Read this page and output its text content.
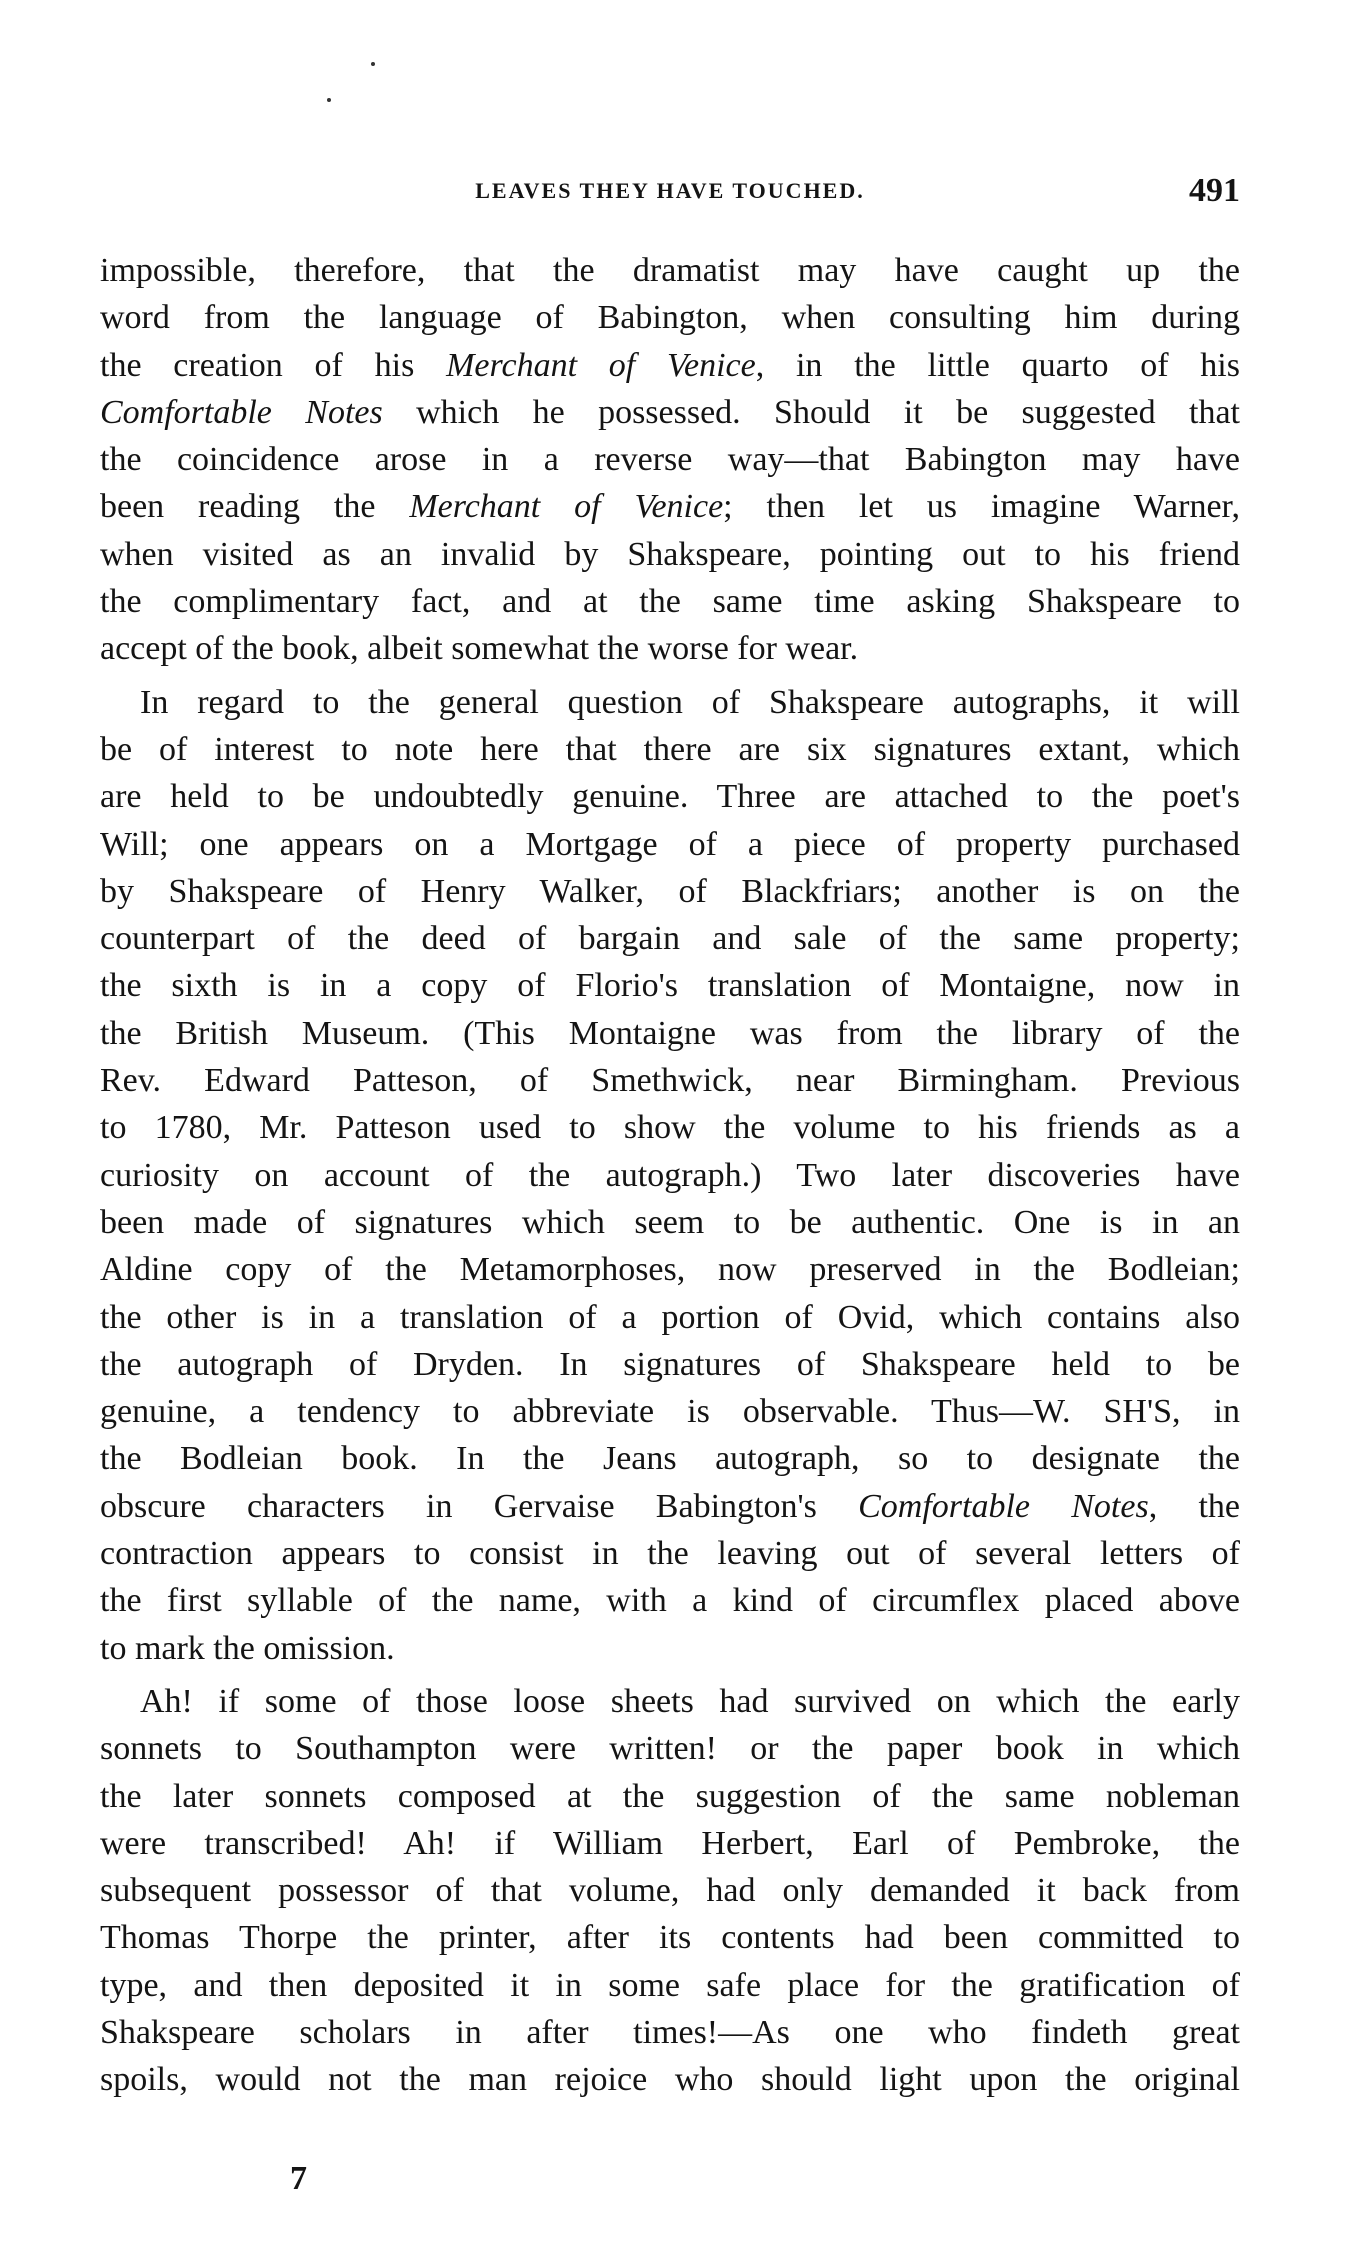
LEAVES THEY HAVE TOUCHED.	491

impossible, therefore, that the dramatist may have caught up the
word from the language of Babington, when consulting him during
the creation of his Merchant of Venice, in the little quarto of his
Comfortable Notes which he possessed. Should it be suggested that
the coincidence arose in a reverse way—that Babington may have
been reading the Merchant of Venice; then let us imagine Warner,
when visited as an invalid by Shakspeare, pointing out to his friend
the complimentary fact, and at the same time asking Shakspeare to
accept of the book, albeit somewhat the worse for wear.

In regard to the general question of Shakspeare autographs, it will
be of interest to note here that there are six signatures extant, which
are held to be undoubtedly genuine. Three are attached to the poet's
Will; one appears on a Mortgage of a piece of property purchased
by Shakspeare of Henry Walker, of Blackfriars; another is on the
counterpart of the deed of bargain and sale of the same property;
the sixth is in a copy of Florio's translation of Montaigne, now in
the British Museum. (This Montaigne was from the library of the
Rev. Edward Patteson, of Smethwick, near Birmingham. Previous
to 1780, Mr. Patteson used to show the volume to his friends as a
curiosity on account of the autograph.) Two later discoveries have
been made of signatures which seem to be authentic. One is in an
Aldine copy of the Metamorphoses, now preserved in the Bodleian;
the other is in a translation of a portion of Ovid, which contains also
the autograph of Dryden. In signatures of Shakspeare held to be
genuine, a tendency to abbreviate is observable. Thus—W. SH'S, in
the Bodleian book. In the Jeans autograph, so to designate the
obscure characters in Gervaise Babington's Comfortable Notes, the
contraction appears to consist in the leaving out of several letters of
the first syllable of the name, with a kind of circumflex placed above
to mark the omission.

Ah! if some of those loose sheets had survived on which the early
sonnets to Southampton were written! or the paper book in which
the later sonnets composed at the suggestion of the same nobleman
were transcribed! Ah! if William Herbert, Earl of Pembroke, the
subsequent possessor of that volume, had only demanded it back from
Thomas Thorpe the printer, after its contents had been committed to
type, and then deposited it in some safe place for the gratification of
Shakspeare scholars in after times!—As one who findeth great
spoils, would not the man rejoice who should light upon the original

7
